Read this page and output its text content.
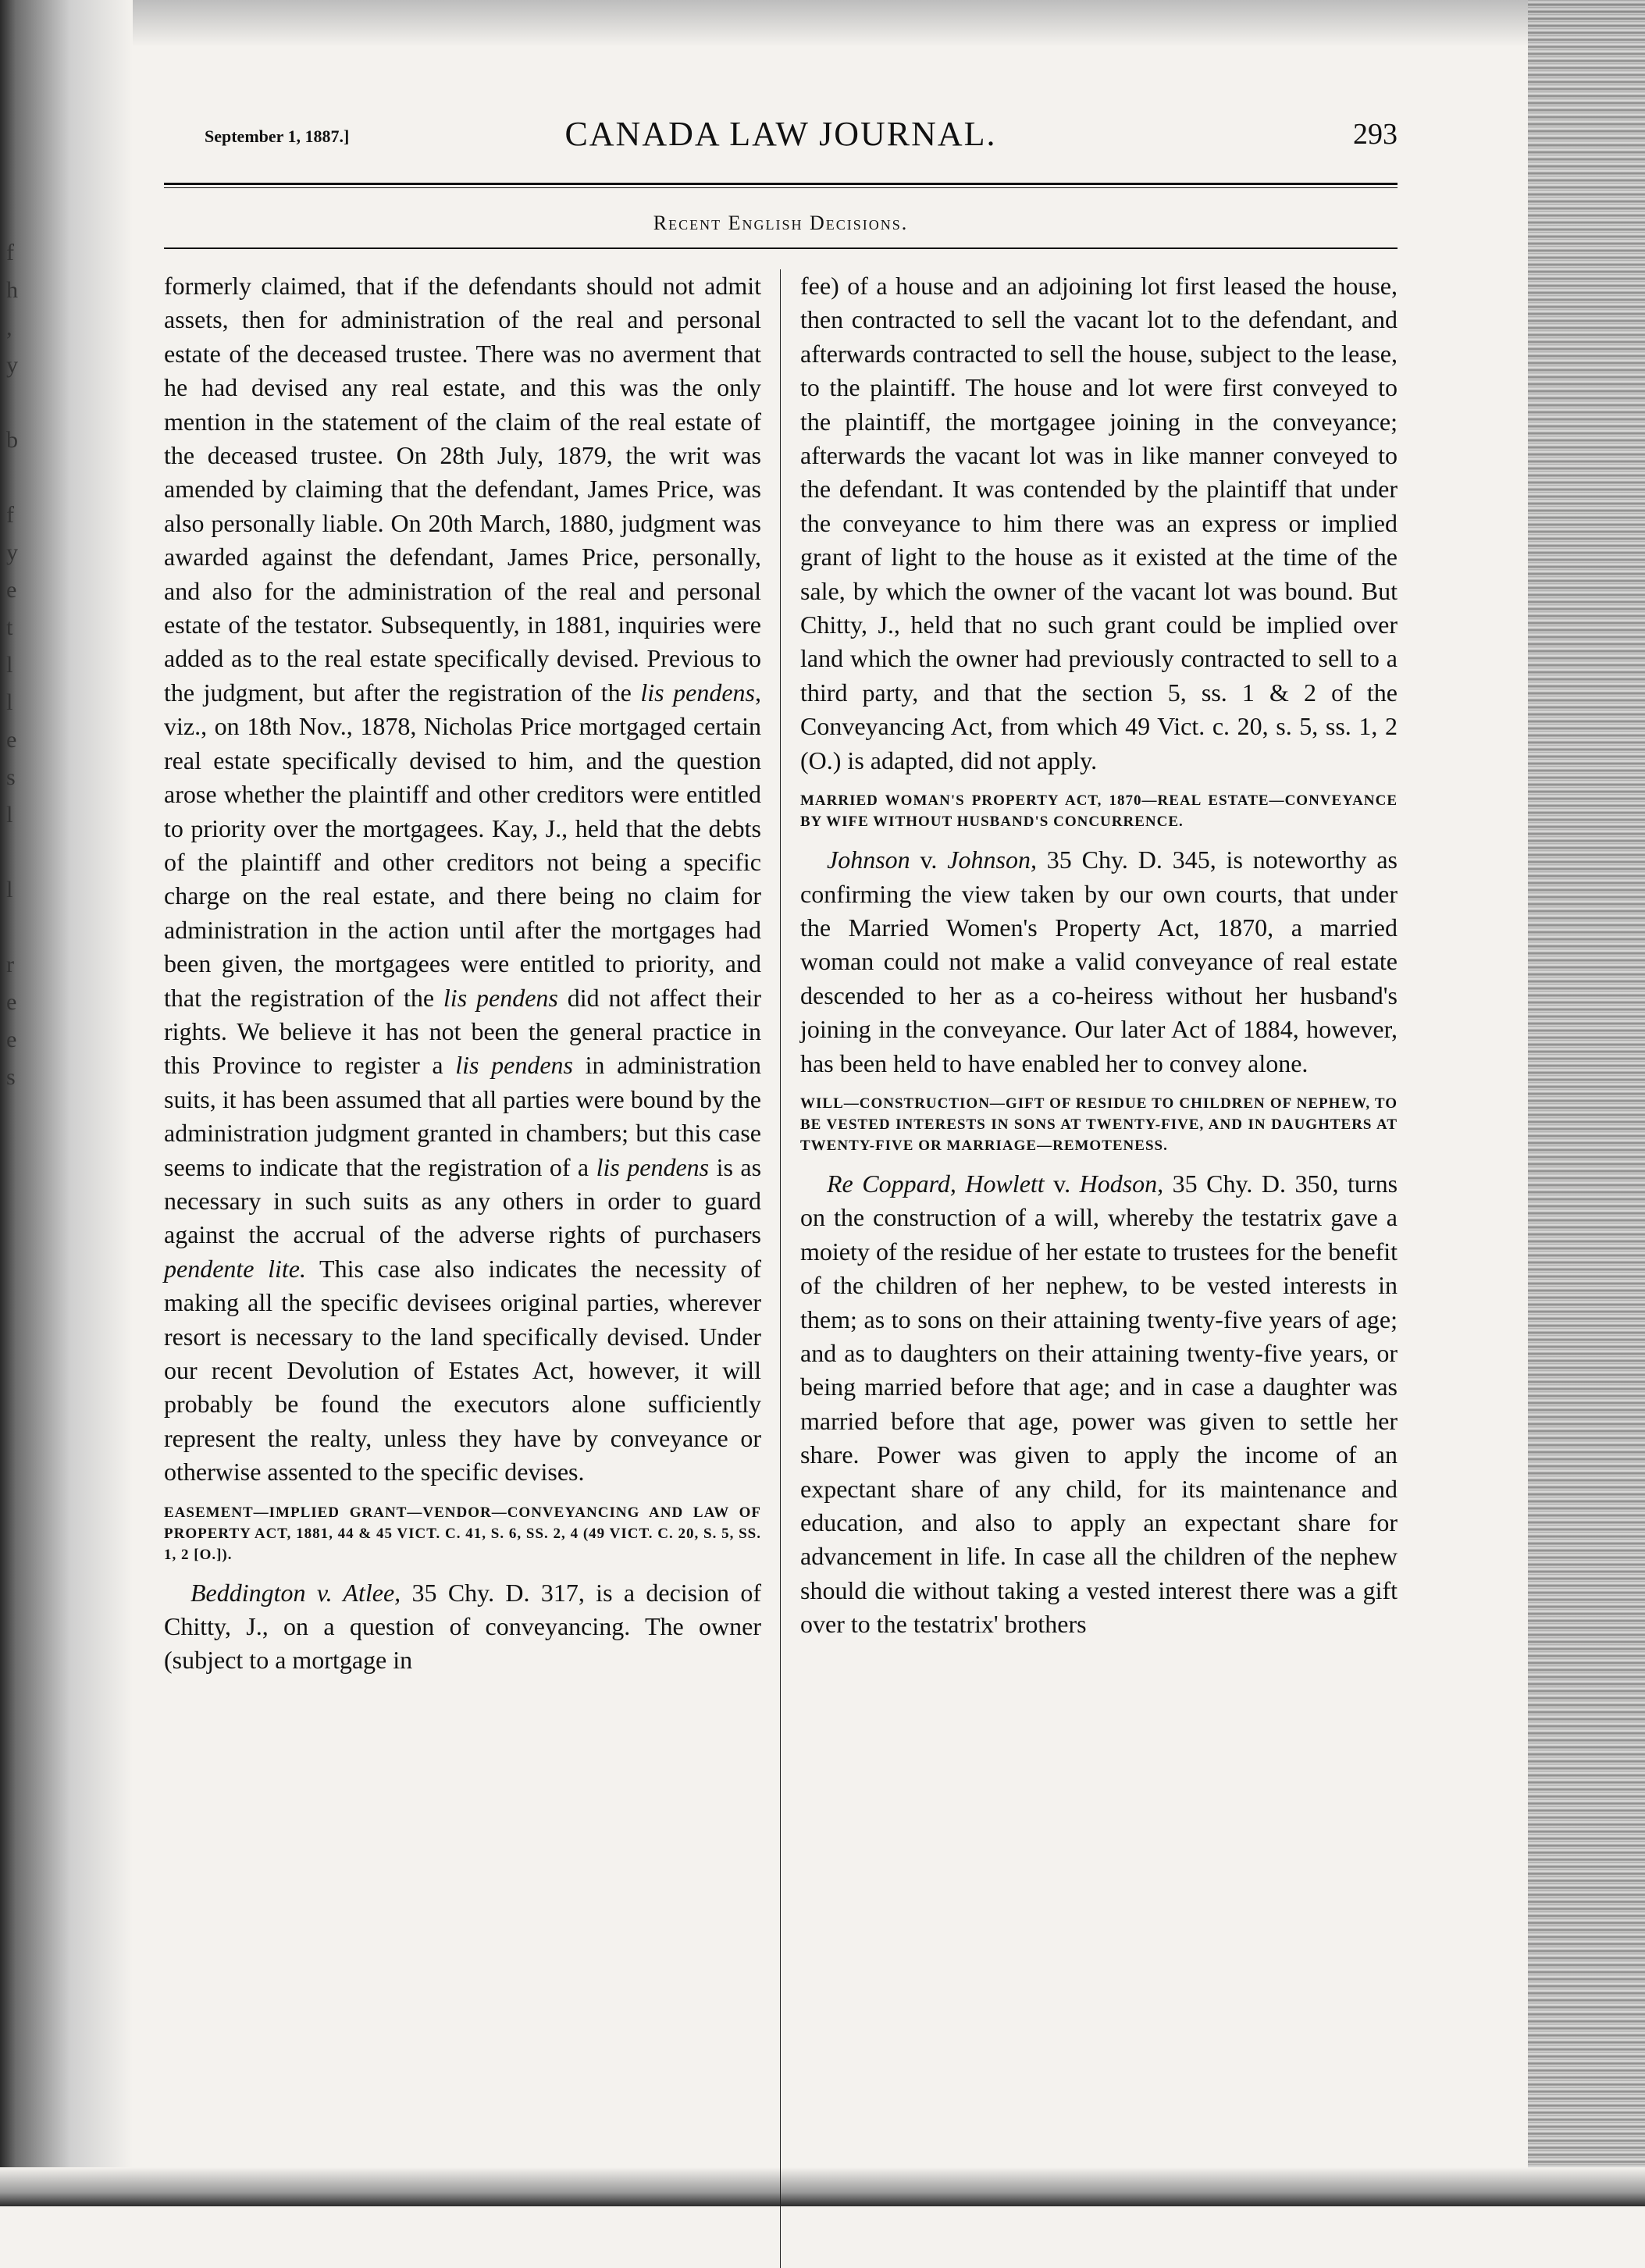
f
h
,
y

b

f
y
e
t
l
l
e
s
l

l

r
e
e
s

September 1, 1887.]	CANADA LAW JOURNAL.	293
Recent English Decisions.

formerly claimed, that if the defendants should not admit assets, then for administration of the real and personal estate of the deceased trustee. There was no averment that he had devised any real estate, and this was the only mention in the statement of the claim of the real estate of the deceased trustee. On 28th July, 1879, the writ was amended by claiming that the defendant, James Price, was also personally liable. On 20th March, 1880, judgment was awarded against the defendant, James Price, personally, and also for the administration of the real and personal estate of the testator. Subsequently, in 1881, inquiries were added as to the real estate specifically devised. Previous to the judgment, but after the registration of the lis pendens, viz., on 18th Nov., 1878, Nicholas Price mortgaged certain real estate specifically devised to him, and the question arose whether the plaintiff and other creditors were entitled to priority over the mortgagees. Kay, J., held that the debts of the plaintiff and other creditors not being a specific charge on the real estate, and there being no claim for administration in the action until after the mortgages had been given, the mortgagees were entitled to priority, and that the registration of the lis pendens did not affect their rights. We believe it has not been the general practice in this Province to register a lis pendens in administration suits, it has been assumed that all parties were bound by the administration judgment granted in chambers; but this case seems to indicate that the registration of a lis pendens is as necessary in such suits as any others in order to guard against the accrual of the adverse rights of purchasers pendente lite. This case also indicates the necessity of making all the specific devisees original parties, wherever resort is necessary to the land specifically devised. Under our recent Devolution of Estates Act, however, it will probably be found the executors alone sufficiently represent the realty, unless they have by conveyance or otherwise assented to the specific devises.

EASEMENT—IMPLIED GRANT—VENDOR—CONVEYANCING AND LAW OF PROPERTY ACT, 1881, 44 & 45 VICT. C. 41, S. 6, SS. 2, 4 (49 VICT. C. 20, S. 5, SS. 1, 2 [O.]).

Beddington v. Atlee, 35 Chy. D. 317, is a decision of Chitty, J., on a question of conveyancing. The owner (subject to a mortgage in

fee) of a house and an adjoining lot first leased the house, then contracted to sell the vacant lot to the defendant, and afterwards contracted to sell the house, subject to the lease, to the plaintiff. The house and lot were first conveyed to the plaintiff, the mortgagee joining in the conveyance; afterwards the vacant lot was in like manner conveyed to the defendant. It was contended by the plaintiff that under the conveyance to him there was an express or implied grant of light to the house as it existed at the time of the sale, by which the owner of the vacant lot was bound. But Chitty, J., held that no such grant could be implied over land which the owner had previously contracted to sell to a third party, and that the section 5, ss. 1 & 2 of the Conveyancing Act, from which 49 Vict. c. 20, s. 5, ss. 1, 2 (O.) is adapted, did not apply.

MARRIED WOMAN'S PROPERTY ACT, 1870—REAL ESTATE—CONVEYANCE BY WIFE WITHOUT HUSBAND'S CONCURRENCE.

Johnson v. Johnson, 35 Chy. D. 345, is noteworthy as confirming the view taken by our own courts, that under the Married Women's Property Act, 1870, a married woman could not make a valid conveyance of real estate descended to her as a co-heiress without her husband's joining in the conveyance. Our later Act of 1884, however, has been held to have enabled her to convey alone.

WILL—CONSTRUCTION—GIFT OF RESIDUE TO CHILDREN OF NEPHEW, TO BE VESTED INTERESTS IN SONS AT TWENTY-FIVE, AND IN DAUGHTERS AT TWENTY-FIVE OR MARRIAGE—REMOTENESS.

Re Coppard, Howlett v. Hodson, 35 Chy. D. 350, turns on the construction of a will, whereby the testatrix gave a moiety of the residue of her estate to trustees for the benefit of the children of her nephew, to be vested interests in them; as to sons on their attaining twenty-five years of age; and as to daughters on their attaining twenty-five years, or being married before that age; and in case a daughter was married before that age, power was given to settle her share. Power was given to apply the income of an expectant share of any child, for its maintenance and education, and also to apply an expectant share for advancement in life. In case all the children of the nephew should die without taking a vested interest there was a gift over to the testatrix' brothers
